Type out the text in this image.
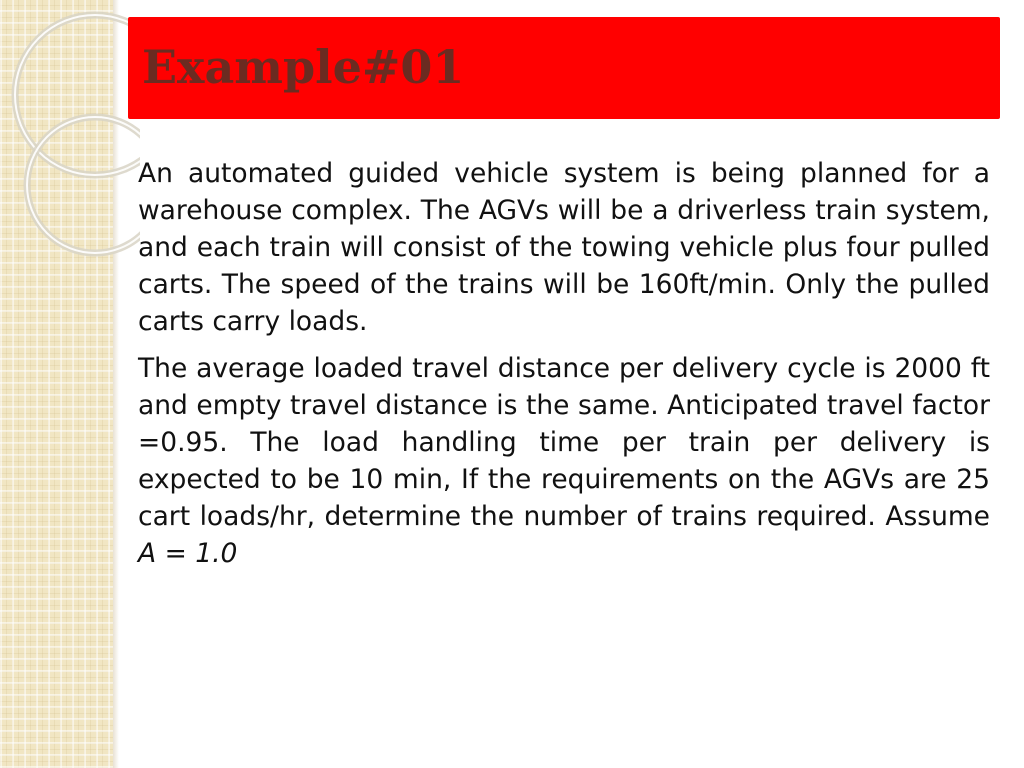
Example#01

An automated guided vehicle system is being planned for a warehouse complex. The AGVs will be a driverless train system, and each train will consist of the towing vehicle plus four pulled carts. The speed of the trains will be 160ft/min. Only the pulled carts carry loads.

The average loaded travel distance per delivery cycle is 2000 ft and empty travel distance is the same. Anticipated travel factor =0.95. The load handling time per train per delivery is expected to be 10 min, If the requirements on the AGVs are 25 cart loads/hr, determine the number of trains required. Assume A = 1.0
